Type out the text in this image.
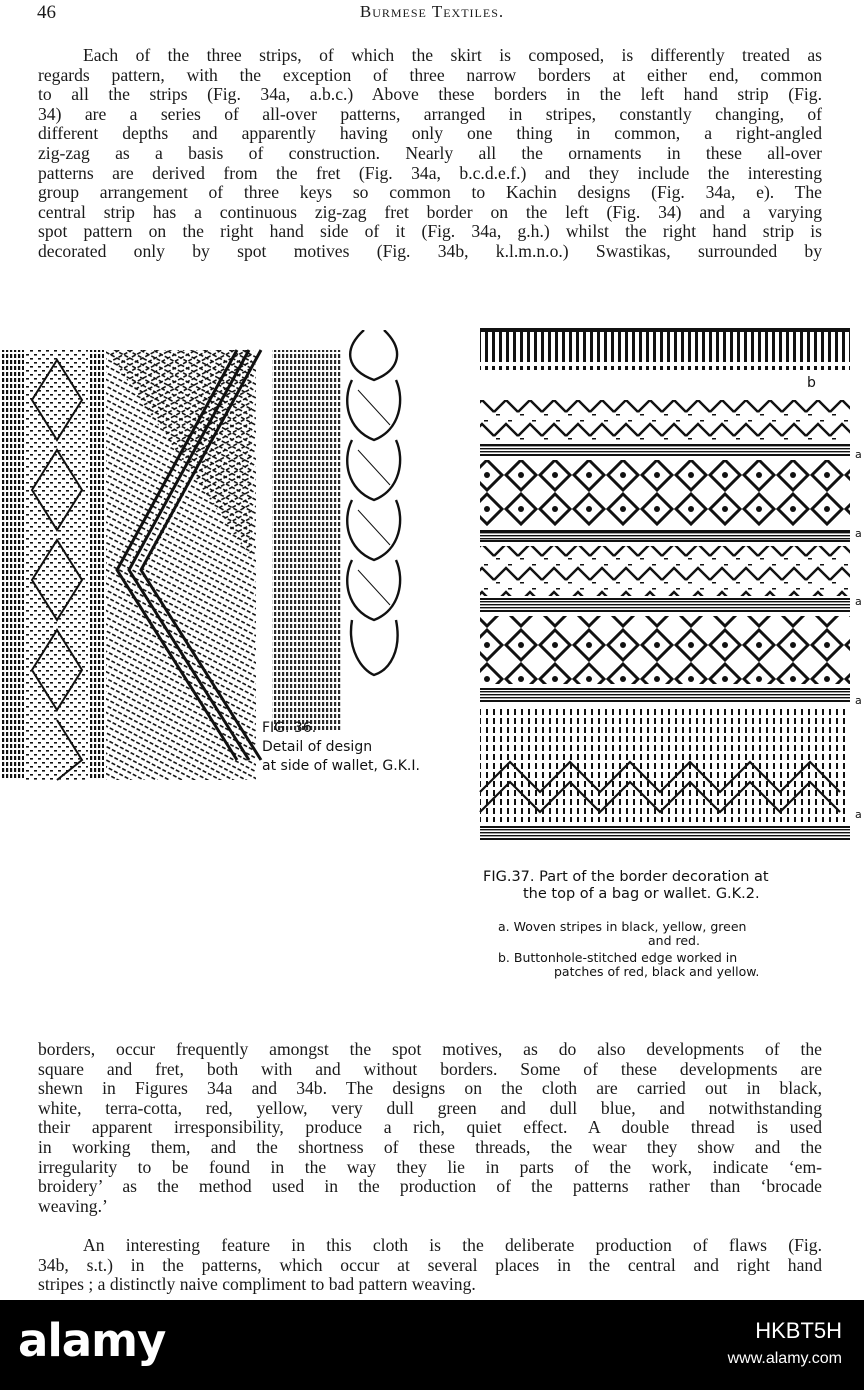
46	Burmese Textiles.
Each of the three strips, of which the skirt is composed, is differently treated as
regards pattern, with the exception of three narrow borders at either end, common
to all the strips (Fig. 34a, a.b.c.) Above these borders in the left hand strip (Fig.
34) are a series of all-over patterns, arranged in stripes, constantly changing, of
different depths and apparently having only one thing in common, a right-angled
zig-zag as a basis of construction. Nearly all the ornaments in these all-over
patterns are derived from the fret (Fig. 34a, b.c.d.e.f.) and they include the interesting
group arrangement of three keys so common to Kachin designs (Fig. 34a, e). The
central strip has a continuous zig-zag fret border on the left (Fig. 34) and a varying
spot pattern on the right hand side of it (Fig. 34a, g.h.) whilst the right hand strip is
decorated only by spot motives (Fig. 34b, k.l.m.n.o.) Swastikas, surrounded by
FIG. 36.
Detail of design
at side of wallet, G.K.I.
b
a
a
a
a
a
FIG.37. Part of the border decoration at
the top of a bag or wallet. G.K.2.
a. Woven stripes in black, yellow, green
and red.
b. Buttonhole-stitched edge worked in
patches of red, black and yellow.
borders, occur frequently amongst the spot motives, as do also developments of the
square and fret, both with and without borders. Some of these developments are
shewn in Figures 34a and 34b. The designs on the cloth are carried out in black,
white, terra-cotta, red, yellow, very dull green and dull blue, and notwithstanding
their apparent irresponsibility, produce a rich, quiet effect. A double thread is used
in working them, and the shortness of these threads, the wear they show and the
irregularity to be found in the way they lie in parts of the work, indicate ‘em-
broidery’ as the method used in the production of the patterns rather than ‘brocade
weaving.’
An interesting feature in this cloth is the deliberate production of flaws (Fig.
34b, s.t.) in the patterns, which occur at several places in the central and right hand
stripes ; a distinctly naive compliment to bad pattern weaving.
alamy	HKBT5H
www.alamy.com
